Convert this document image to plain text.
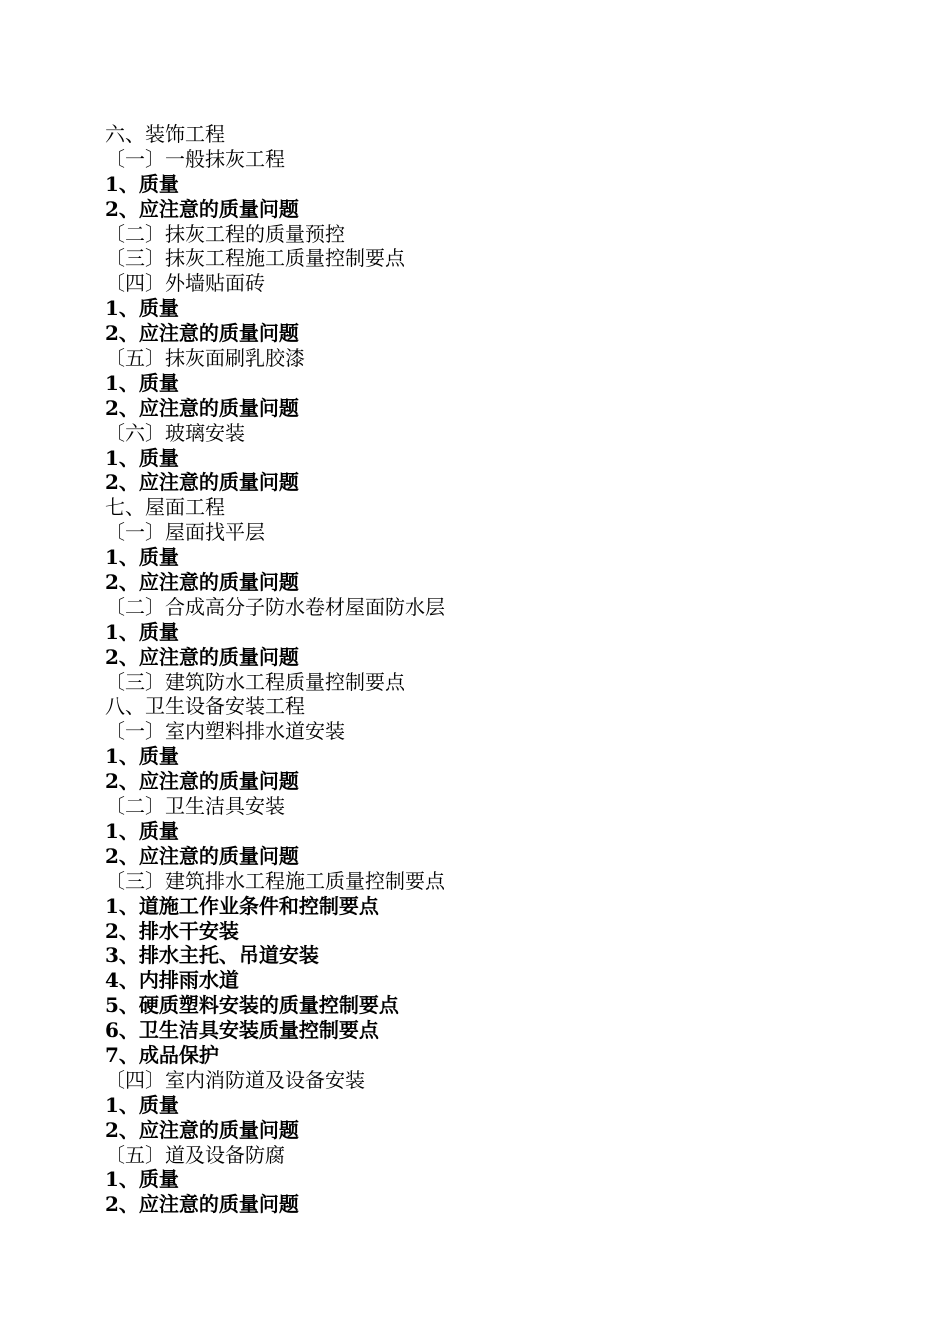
六、装饰工程
〔一〕一般抹灰工程
1、质量
2、应注意的质量问题
〔二〕抹灰工程的质量预控
〔三〕抹灰工程施工质量控制要点
〔四〕外墙贴面砖
1、质量
2、应注意的质量问题
〔五〕抹灰面刷乳胶漆
1、质量
2、应注意的质量问题
〔六〕玻璃安装
1、质量
2、应注意的质量问题
七、屋面工程
〔一〕屋面找平层
1、质量
2、应注意的质量问题
〔二〕合成高分子防水卷材屋面防水层
1、质量
2、应注意的质量问题
〔三〕建筑防水工程质量控制要点
八、卫生设备安装工程
〔一〕室内塑料排水道安装
1、质量
2、应注意的质量问题
〔二〕卫生洁具安装
1、质量
2、应注意的质量问题
〔三〕建筑排水工程施工质量控制要点
1、道施工作业条件和控制要点
2、排水干安装
3、排水主托、吊道安装
4、内排雨水道
5、硬质塑料安装的质量控制要点
6、卫生洁具安装质量控制要点
7、成品保护
〔四〕室内消防道及设备安装
1、质量
2、应注意的质量问题
〔五〕道及设备防腐
1、质量
2、应注意的质量问题
